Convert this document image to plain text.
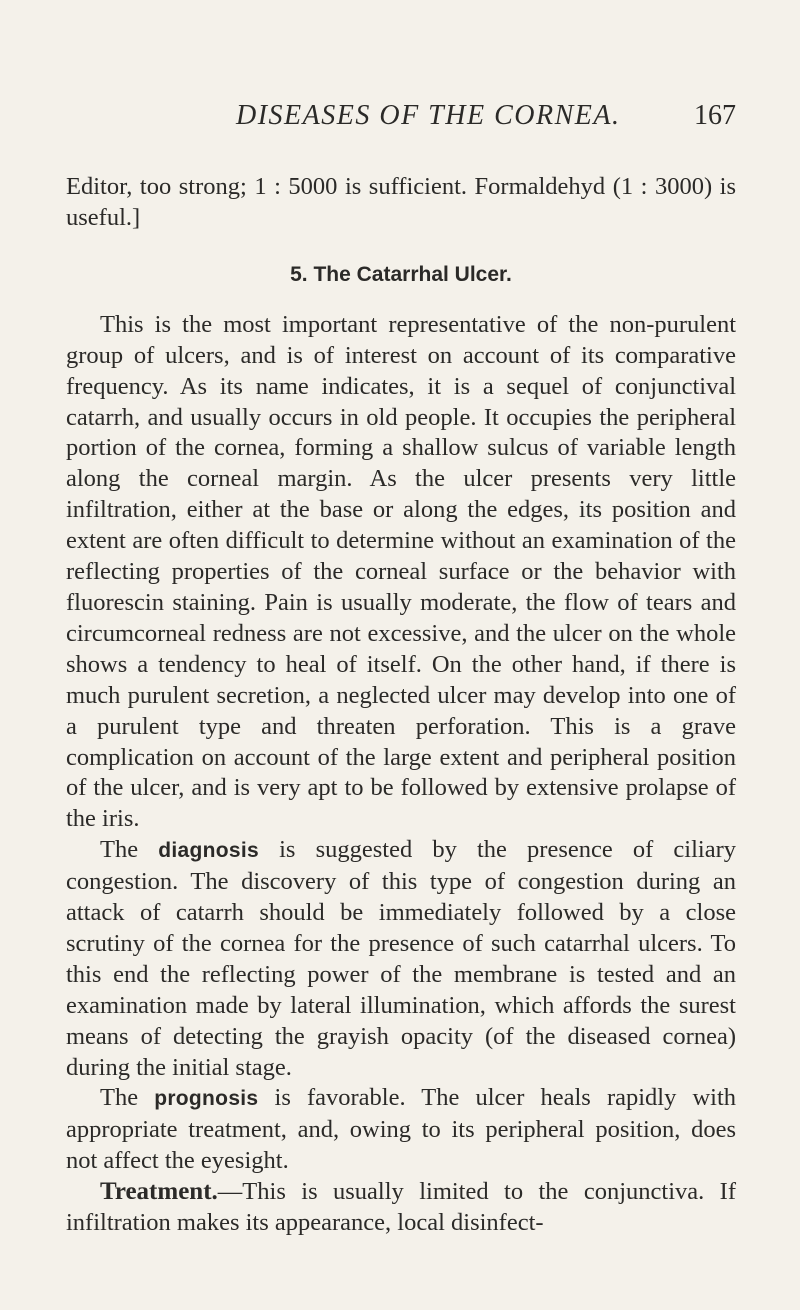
DISEASES OF THE CORNEA.	167

Editor, too strong; 1 : 5000 is sufficient. Formaldehyd (1 : 3000) is useful.]

5. The Catarrhal Ulcer.

This is the most important representative of the non-purulent group of ulcers, and is of interest on account of its comparative frequency. As its name indicates, it is a sequel of conjunctival catarrh, and usually occurs in old people. It occupies the peripheral portion of the cornea, forming a shallow sulcus of variable length along the corneal margin. As the ulcer presents very little infiltration, either at the base or along the edges, its position and extent are often difficult to determine without an examination of the reflecting properties of the corneal surface or the behavior with fluorescin staining. Pain is usually moderate, the flow of tears and circumcorneal redness are not excessive, and the ulcer on the whole shows a tendency to heal of itself. On the other hand, if there is much purulent secretion, a neglected ulcer may develop into one of a purulent type and threaten perforation. This is a grave complication on account of the large extent and peripheral position of the ulcer, and is very apt to be followed by extensive prolapse of the iris.

The diagnosis is suggested by the presence of ciliary congestion. The discovery of this type of congestion during an attack of catarrh should be immediately followed by a close scrutiny of the cornea for the presence of such catarrhal ulcers. To this end the reflecting power of the membrane is tested and an examination made by lateral illumination, which affords the surest means of detecting the grayish opacity (of the diseased cornea) during the initial stage.

The prognosis is favorable. The ulcer heals rapidly with appropriate treatment, and, owing to its peripheral position, does not affect the eyesight.

Treatment.—This is usually limited to the conjunctiva. If infiltration makes its appearance, local disinfect-
